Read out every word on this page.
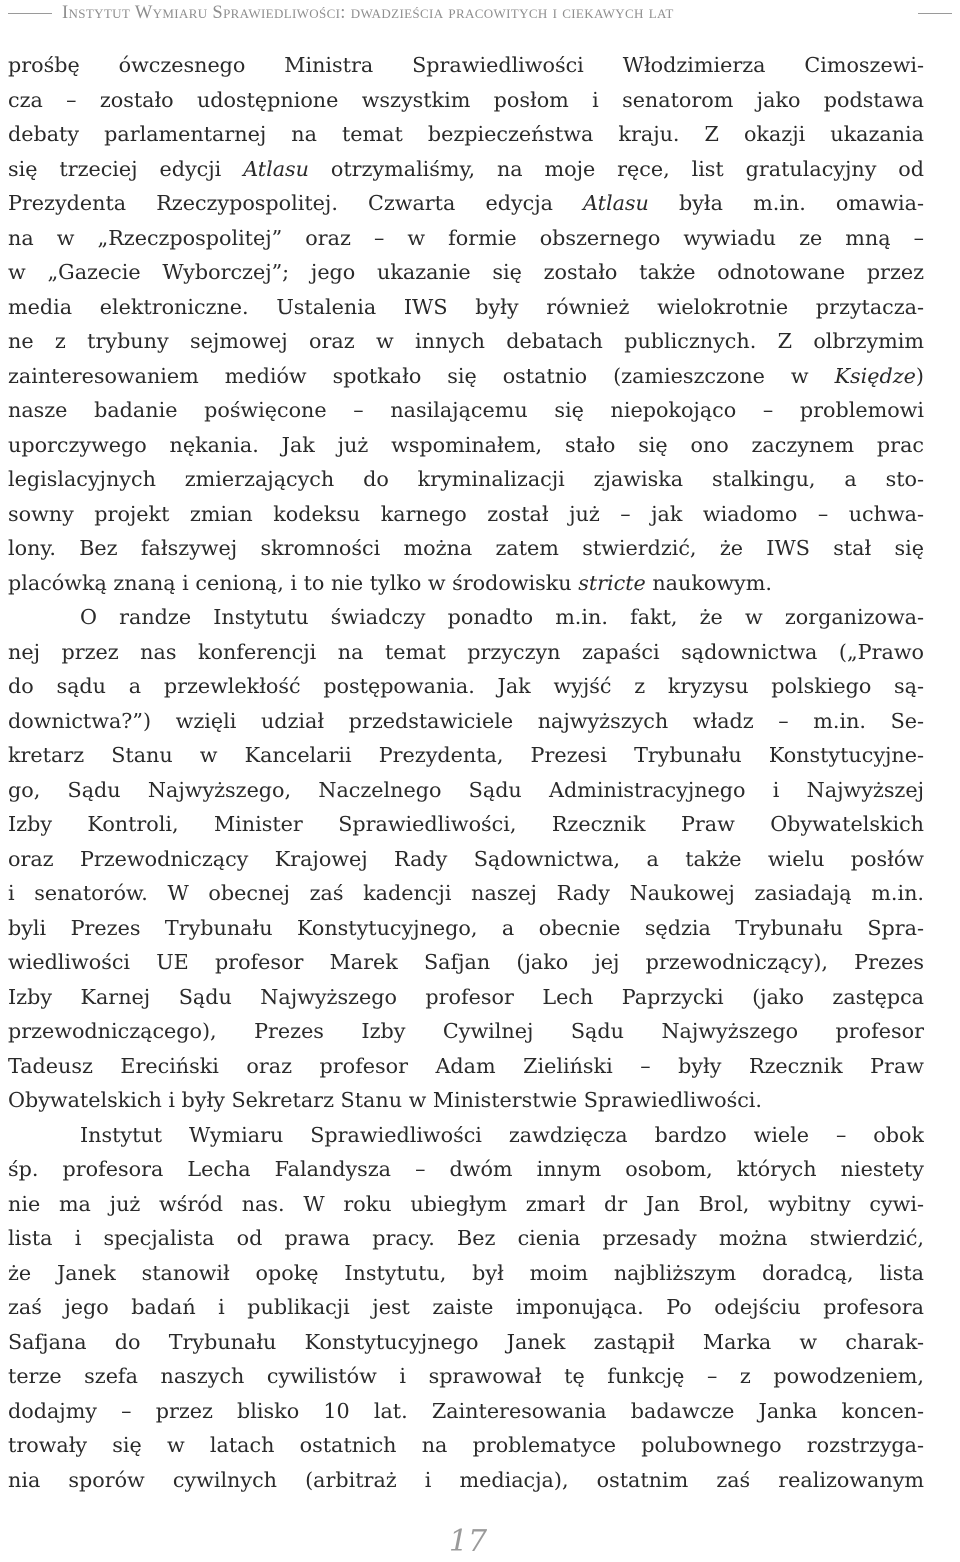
Instytut Wymiaru Sprawiedliwości: dwadzieścia pracowitych i ciekawych lat
prośbę ówczesnego Ministra Sprawiedliwości Włodzimierza Cimoszewi-
cza – zostało udostępnione wszystkim posłom i senatorom jako podstawa
debaty parlamentarnej na temat bezpieczeństwa kraju. Z okazji ukazania
się trzeciej edycji Atlasu otrzymaliśmy, na moje ręce, list gratulacyjny od
Prezydenta Rzeczypospolitej. Czwarta edycja Atlasu była m.in. omawia-
na w „Rzeczpospolitej” oraz – w formie obszernego wywiadu ze mną –
w „Gazecie Wyborczej”; jego ukazanie się zostało także odnotowane przez
media elektroniczne. Ustalenia IWS były również wielokrotnie przytacza-
ne z trybuny sejmowej oraz w innych debatach publicznych. Z olbrzymim
zainteresowaniem mediów spotkało się ostatnio (zamieszczone w Księdze)
nasze badanie poświęcone – nasilającemu się niepokojąco – problemowi
uporczywego nękania. Jak już wspominałem, stało się ono zaczynem prac
legislacyjnych zmierzających do kryminalizacji zjawiska stalkingu, a sto-
sowny projekt zmian kodeksu karnego został już – jak wiadomo – uchwa-
lony. Bez fałszywej skromności można zatem stwierdzić, że IWS stał się
placówką znaną i cenioną, i to nie tylko w środowisku stricte naukowym.
O randze Instytutu świadczy ponadto m.in. fakt, że w zorganizowa-
nej przez nas konferencji na temat przyczyn zapaści sądownictwa („Prawo
do sądu a przewlekłość postępowania. Jak wyjść z kryzysu polskiego są-
downictwa?”) wzięli udział przedstawiciele najwyższych władz – m.in. Se-
kretarz Stanu w Kancelarii Prezydenta, Prezesi Trybunału Konstytucyjne-
go, Sądu Najwyższego, Naczelnego Sądu Administracyjnego i Najwyższej
Izby Kontroli, Minister Sprawiedliwości, Rzecznik Praw Obywatelskich
oraz Przewodniczący Krajowej Rady Sądownictwa, a także wielu posłów
i senatorów. W obecnej zaś kadencji naszej Rady Naukowej zasiadają m.in.
byli Prezes Trybunału Konstytucyjnego, a obecnie sędzia Trybunału Spra-
wiedliwości UE profesor Marek Safjan (jako jej przewodniczący), Prezes
Izby Karnej Sądu Najwyższego profesor Lech Paprzycki (jako zastępca
przewodniczącego), Prezes Izby Cywilnej Sądu Najwyższego profesor
Tadeusz Ereciński oraz profesor Adam Zieliński – były Rzecznik Praw
Obywatelskich i były Sekretarz Stanu w Ministerstwie Sprawiedliwości.
Instytut Wymiaru Sprawiedliwości zawdzięcza bardzo wiele – obok
śp. profesora Lecha Falandysza – dwóm innym osobom, których niestety
nie ma już wśród nas. W roku ubiegłym zmarł dr Jan Brol, wybitny cywi-
lista i specjalista od prawa pracy. Bez cienia przesady można stwierdzić,
że Janek stanowił opokę Instytutu, był moim najbliższym doradcą, lista
zaś jego badań i publikacji jest zaiste imponująca. Po odejściu profesora
Safjana do Trybunału Konstytucyjnego Janek zastąpił Marka w charak-
terze szefa naszych cywilistów i sprawował tę funkcję – z powodzeniem,
dodajmy – przez blisko 10 lat. Zainteresowania badawcze Janka koncen-
trowały się w latach ostatnich na problematyce polubownego rozstrzyga-
nia sporów cywilnych (arbitraż i mediacja), ostatnim zaś realizowanym
17
